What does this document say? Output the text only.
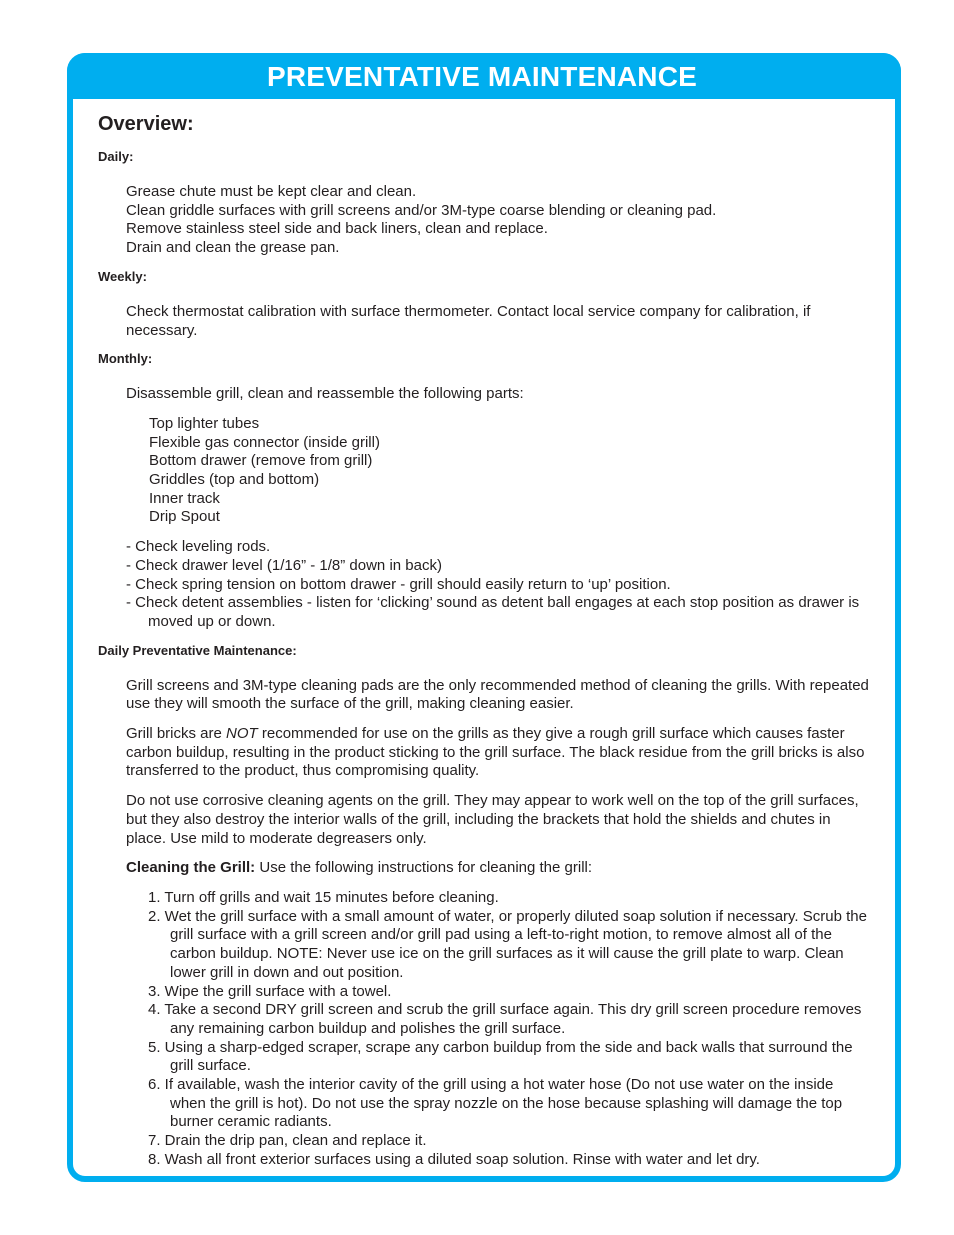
PREVENTATIVE MAINTENANCE
Overview:
Daily:
Grease chute must be kept clear and clean.
Clean griddle surfaces with grill screens and/or 3M-type coarse blending or cleaning pad.
Remove stainless steel side and back liners, clean and replace.
Drain and clean the grease pan.
Weekly:

Check thermostat calibration with surface thermometer. Contact local service company for calibration, if necessary.

Monthly:

Disassemble grill, clean and reassemble the following parts:

Top lighter tubes
Flexible gas connector (inside grill)
Bottom drawer (remove from grill)
Griddles (top and bottom)
Inner track
Drip Spout
- Check leveling rods.
- Check drawer level (1/16” - 1/8” down in back)
- Check spring tension on bottom drawer - grill should easily return to ‘up’ position.
- Check detent assemblies - listen for ‘clicking’ sound as detent ball engages at each stop position as drawer is moved up or down.
Daily Preventative Maintenance:

Grill screens and 3M-type cleaning pads are the only recommended method of cleaning the grills. With repeated use they will smooth the surface of the grill, making cleaning easier.

Grill bricks are NOT recommended for use on the grills as they give a rough grill surface which causes faster carbon buildup, resulting in the product sticking to the grill surface. The black residue from the grill bricks is also transferred to the product, thus compromising quality.

Do not use corrosive cleaning agents on the grill. They may appear to work well on the top of the grill surfaces, but they also destroy the interior walls of the grill, including the brackets that hold the shields and chutes in place. Use mild to moderate degreasers only.

Cleaning the Grill: Use the following instructions for cleaning the grill:

1. Turn off grills and wait 15 minutes before cleaning.
2. Wet the grill surface with a small amount of water, or properly diluted soap solution if necessary. Scrub the grill surface with a grill screen and/or grill pad using a left-to-right motion, to remove almost all of the carbon buildup. NOTE: Never use ice on the grill surfaces as it will cause the grill plate to warp. Clean lower grill in down and out position.
3. Wipe the grill surface with a towel.
4. Take a second DRY grill screen and scrub the grill surface again. This dry grill screen procedure removes any remaining carbon buildup and polishes the grill surface.
5. Using a sharp-edged scraper, scrape any carbon buildup from the side and back walls that surround the grill surface.
6. If available, wash the interior cavity of the grill using a hot water hose (Do not use water on the inside when the grill is hot). Do not use the spray nozzle on the hose because splashing will damage the top burner ceramic radiants.
7. Drain the drip pan, clean and replace it.
8. Wash all front exterior surfaces using a diluted soap solution. Rinse with water and let dry.
